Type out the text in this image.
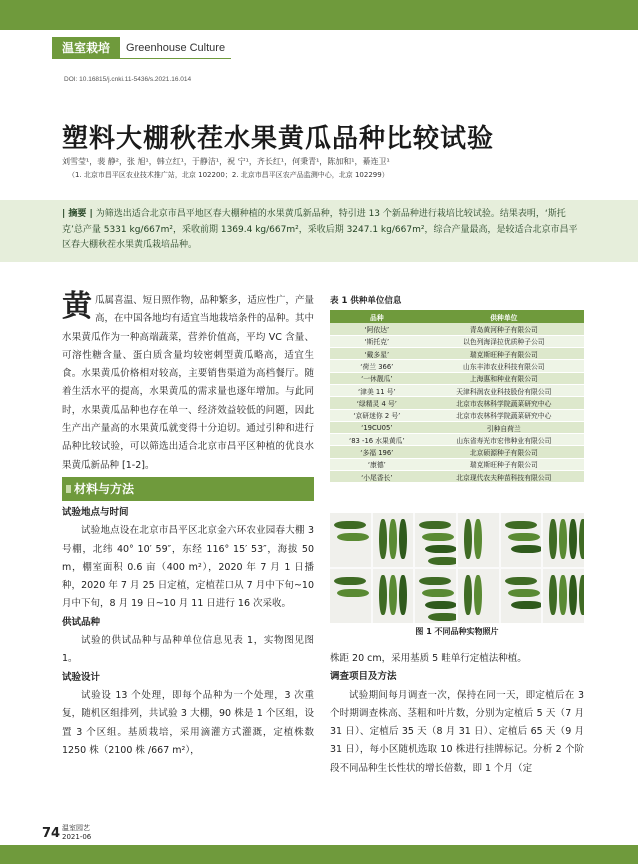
温室栽培	Greenhouse Culture
DOI: 10.16815/j.cnki.11-5436/s.2021.16.014
塑料大棚秋茬水果黄瓜品种比较试验
刘雪莹¹，裴 静²，张 旭¹，韩立红¹，于静洁¹，祝 宁¹，齐长红¹，何秉青¹，陈加和¹，綦连卫¹
（1. 北京市昌平区农业技术推广站，北京 102200；2. 北京市昌平区农产品监测中心，北京 102299）
| 摘要 | 为筛选出适合北京市昌平地区春大棚种植的水果黄瓜新品种，特引进 13 个新品种进行栽培比较试验。结果表明，‘斯托克’总产量 5331 kg/667m²，采收前期 1369.4 kg/667m²，采收后期 3247.1 kg/667m²，综合产量最高，是较适合北京市昌平区春大棚秋茬水果黄瓜栽培品种。
黄 瓜属喜温、短日照作物，品种繁多，适应性广，产量高，在中国各地均有适宜当地栽培条件的品种。其中水果黄瓜作为一种高端蔬菜，营养价值高，平均 VC 含量、可溶性糖含量、蛋白质含量均较密刺型黄瓜略高，适宜生食。水果黄瓜价格相对较高，主要销售渠道为高档餐厅。随着生活水平的提高，水果黄瓜的需求量也逐年增加。与此同时，水果黄瓜品种也存在单一、经济效益较低的问题，因此生产出产量高的水果黄瓜就变得十分迫切。通过引种和进行品种比较试验，可以筛选出适合北京市昌平区种植的优良水果黄瓜新品种 [1-2]。
材料与方法
试验地点与时间

试验地点设在北京市昌平区北京金六环农业园春大棚 3 号棚，北纬 40° 10′ 59″，东经 116° 15′ 53″，海拔 50 m，棚室面积 0.6 亩（400 m²），2020 年 7 月 1 日播种，2020 年 7 月 25 日定植，定植茬口从 7 月中下旬~10 月中下旬，8 月 19 日~10 月 11 日进行 16 次采收。

供试品种

试验的供试品种与品种单位信息见表 1，实物图见图 1。

试验设计

试验设 13 个处理，即每个品种为一个处理，3 次重复，随机区组排列，共试验 3 大棚，90 株是 1 个区组，设置 3 个区组。基质栽培，采用滴灌方式灌溉，定植株数 1250 株（2100 株 /667 m²），

表 1 供种单位信息
品种	供种单位
‘阿依达’	青岛黄河种子有限公司
‘斯托克’	以色列海泽拉优质种子公司
‘戴多星’	瑞克斯旺种子有限公司
‘荷兰 366’	山东丰沛农业科技有限公司
‘一休靓瓜’	上海惠和种业有限公司
‘津美 11 号’	天津科润农业科技股份有限公司
‘绿精灵 4 号’	北京市农林科学院蔬菜研究中心
‘京研迷你 2 号’	北京市农林科学院蔬菜研究中心
‘19CU05’	引种自荷兰
‘83 -16 水果黄瓜’	山东省寿光市宏伟种业有限公司
‘多福 196’	北京硕源种子有限公司
‘康德’	瑞克斯旺种子有限公司
‘小尾香长’	北京现代农夫种苗科技有限公司
图 1 不同品种实物照片

株距 20 cm，采用基质 5 畦单行定植法种植。

调查项目及方法

试验期间每月调查一次，保持在同一天，即定植后在 3 个时期调查株高、茎粗和叶片数，分别为定植后 5 天（7 月 31 日）、定植后 35 天（8 月 31 日）、定植后 65 天（9 月 31 日），每小区随机选取 10 株进行挂牌标记。分析 2 个阶段不同品种生长性状的增长倍数，即 1 个月（定

74 温室园艺
2021-06
